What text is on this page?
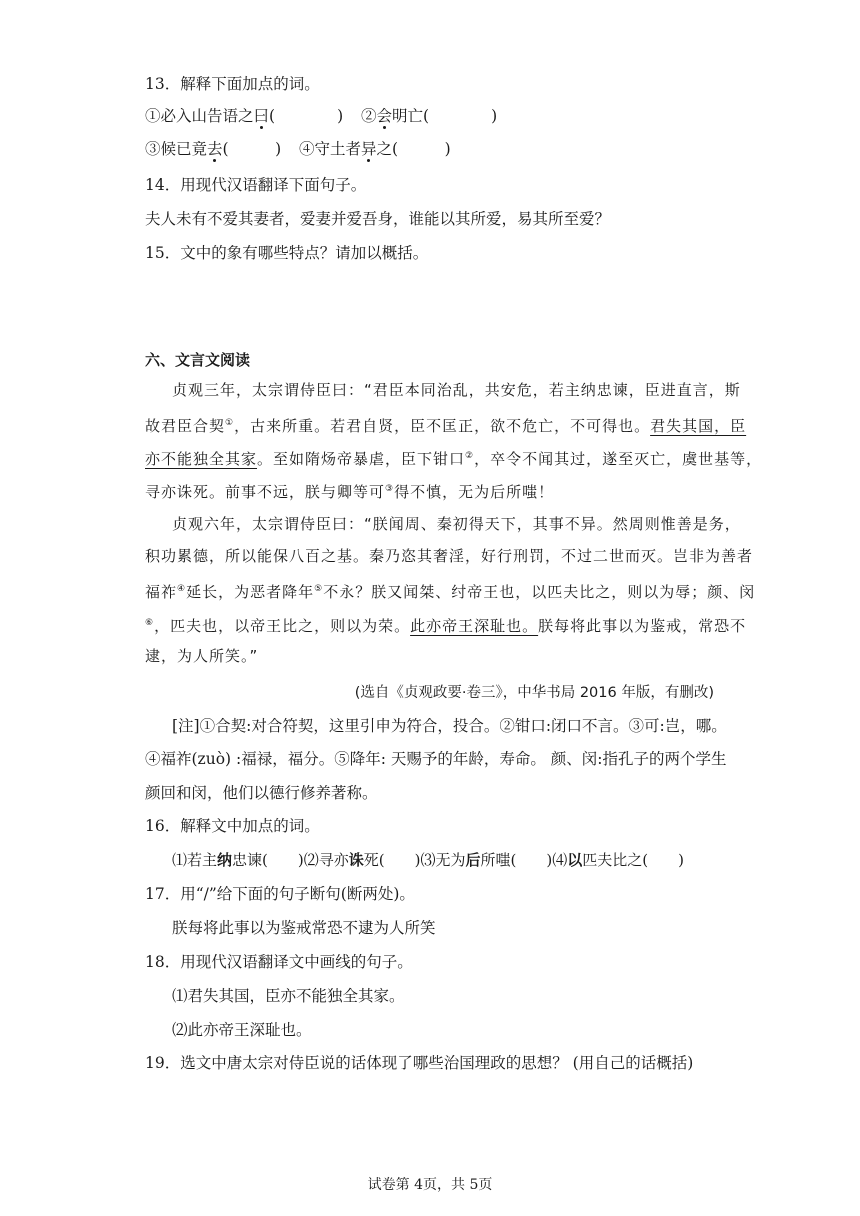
13．解释下面加点的词。
①必入山告语之曰(　　　　) ②会明亡(　　　　)
③候已竟去(　　　) ④守土者异之(　　　)
14．用现代汉语翻译下面句子。
夫人未有不爱其妻者，爱妻并爱吾身，谁能以其所爱，易其所至爱？
15．文中的象有哪些特点？请加以概括。
六、文言文阅读
贞观三年，太宗谓侍臣曰：“君臣本同治乱，共安危，若主纳忠谏，臣进直言，斯
故君臣合契①，古来所重。若君自贤，臣不匡正，欲不危亡，不可得也。君失其国，臣
亦不能独全其家。至如隋炀帝暴虐，臣下钳口②，卒令不闻其过，遂至灭亡，虞世基等，
寻亦诛死。前事不远，朕与卿等可③得不慎，无为后所嗤！
贞观六年，太宗谓侍臣曰：“朕闻周、秦初得天下，其事不异。然周则惟善是务，
积功累德，所以能保八百之基。秦乃恣其奢淫，好行刑罚，不过二世而灭。岂非为善者
福祚④延长，为恶者降年⑤不永？朕又闻桀、纣帝王也，以匹夫比之，则以为辱；颜、闵
⑥，匹夫也，以帝王比之，则以为荣。此亦帝王深耻也。朕每将此事以为鉴戒，常恐不
逮，为人所笑。”
(选自《贞观政要·卷三》，中华书局 2016 年版，有删改)
[注]①合契:对合符契，这里引申为符合，投合。②钳口:闭口不言。③可:岂，哪。
④福祚(zuò) :福禄，福分。⑤降年: 天赐予的年龄，寿命。 颜、闵:指孔子的两个学生
颜回和闵，他们以德行修养著称。
16．解释文中加点的词。
⑴若主纳忠谏(　　)⑵寻亦诛死(　　)⑶无为后所嗤(　　)⑷以匹夫比之(　　)
17．用“/”给下面的句子断句(断两处)。
朕每将此事以为鉴戒常恐不逮为人所笑
18．用现代汉语翻译文中画线的句子。
⑴君失其国，臣亦不能独全其家。
⑵此亦帝王深耻也。
19．选文中唐太宗对侍臣说的话体现了哪些治国理政的思想？ (用自己的话概括)
试卷第 4页，共 5页
